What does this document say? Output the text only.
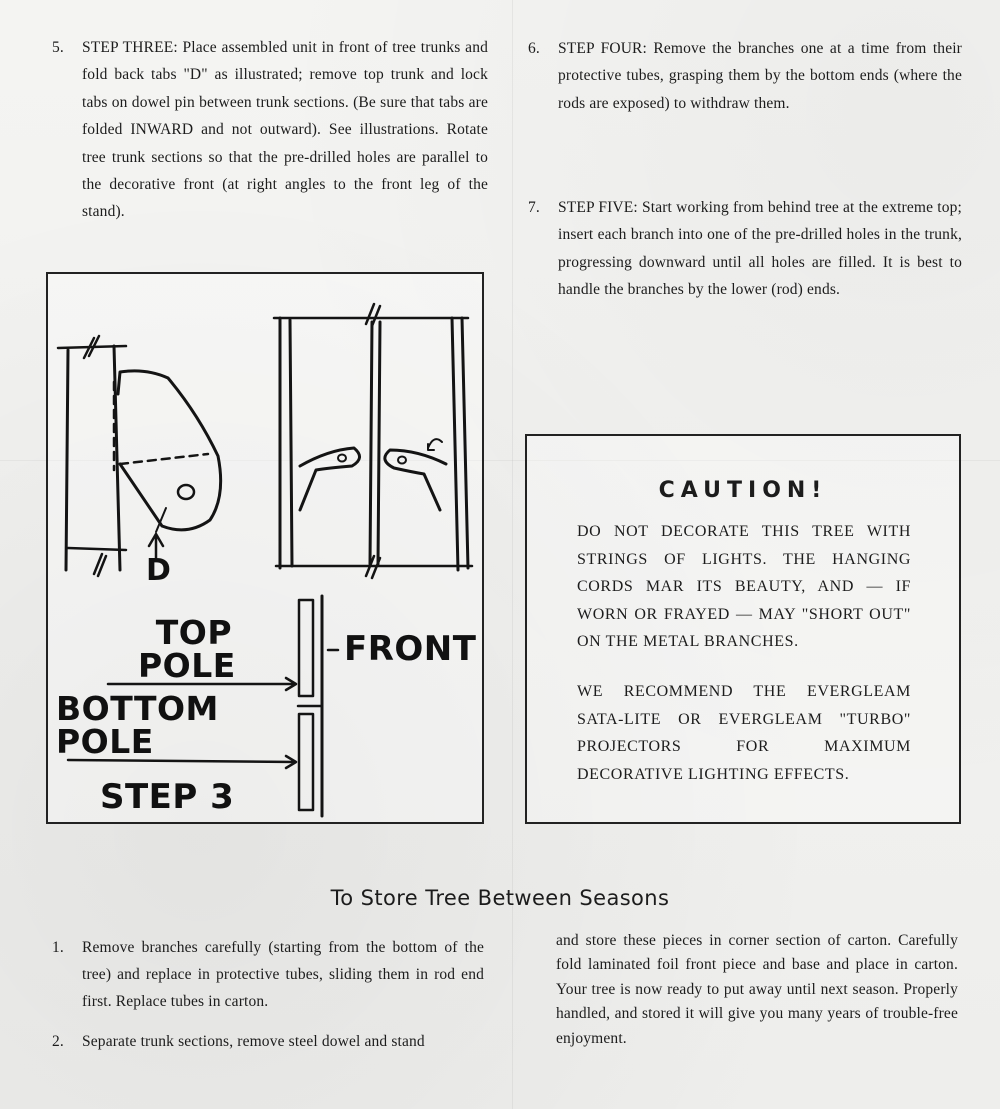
5. STEP THREE: Place assembled unit in front of tree trunks and fold back tabs "D" as illustrated; remove top trunk and lock tabs on dowel pin between trunk sections. (Be sure that tabs are folded INWARD and not outward). See illustrations. Rotate tree trunk sections so that the pre-drilled holes are parallel to the decorative front (at right angles to the front leg of the stand).
6. STEP FOUR: Remove the branches one at a time from their protective tubes, grasping them by the bottom ends (where the rods are exposed) to withdraw them.
7. STEP FIVE: Start working from behind tree at the extreme top; insert each branch into one of the pre-drilled holes in the trunk, progressing downward until all holes are filled. It is best to handle the branches by the lower (rod) ends.
D
TOP
POLE	FRONT
BOTTOM
POLE
STEP 3
CAUTION!
DO NOT DECORATE THIS TREE WITH STRINGS OF LIGHTS. THE HANGING CORDS MAR ITS BEAUTY, AND — IF WORN OR FRAYED — MAY "SHORT OUT" ON THE METAL BRANCHES.
WE RECOMMEND THE EVERGLEAM SATA-LITE OR EVERGLEAM "TURBO" PROJECTORS FOR MAXIMUM DECORATIVE LIGHTING EFFECTS.
To Store Tree Between Seasons
1. Remove branches carefully (starting from the bottom of the tree) and replace in protective tubes, sliding them in rod end first. Replace tubes in carton.
2. Separate trunk sections, remove steel dowel and stand
and store these pieces in corner section of carton. Carefully fold laminated foil front piece and base and place in carton. Your tree is now ready to put away until next season. Properly handled, and stored it will give you many years of trouble-free enjoyment.
